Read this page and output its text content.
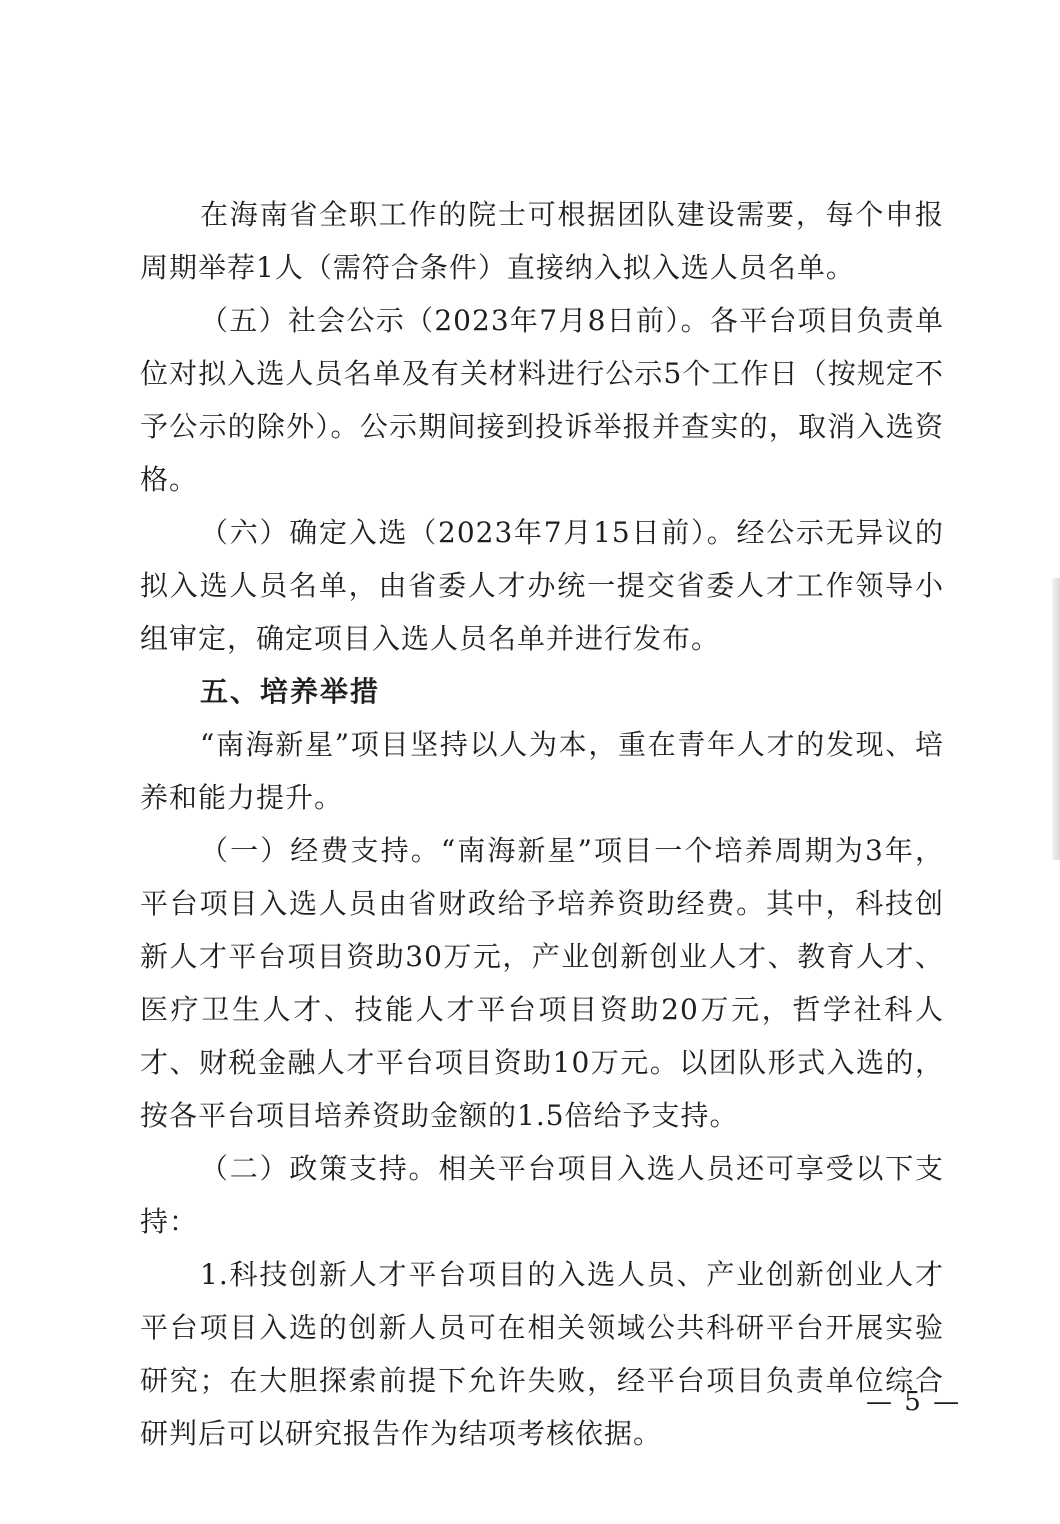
在海南省全职工作的院士可根据团队建设需要，每个申报周期举荐1人（需符合条件）直接纳入拟入选人员名单。

（五）社会公示（2023年7月8日前）。各平台项目负责单位对拟入选人员名单及有关材料进行公示5个工作日（按规定不予公示的除外）。公示期间接到投诉举报并查实的，取消入选资格。

（六）确定入选（2023年7月15日前）。经公示无异议的拟入选人员名单，由省委人才办统一提交省委人才工作领导小组审定，确定项目入选人员名单并进行发布。

五、培养举措

“南海新星”项目坚持以人为本，重在青年人才的发现、培养和能力提升。

（一）经费支持。“南海新星”项目一个培养周期为3年，平台项目入选人员由省财政给予培养资助经费。其中，科技创新人才平台项目资助30万元，产业创新创业人才、教育人才、医疗卫生人才、技能人才平台项目资助20万元，哲学社科人才、财税金融人才平台项目资助10万元。以团队形式入选的，按各平台项目培养资助金额的1.5倍给予支持。

（二）政策支持。相关平台项目入选人员还可享受以下支持：

1.科技创新人才平台项目的入选人员、产业创新创业人才平台项目入选的创新人员可在相关领域公共科研平台开展实验研究；在大胆探索前提下允许失败，经平台项目负责单位综合研判后可以研究报告作为结项考核依据。

— 5 —
